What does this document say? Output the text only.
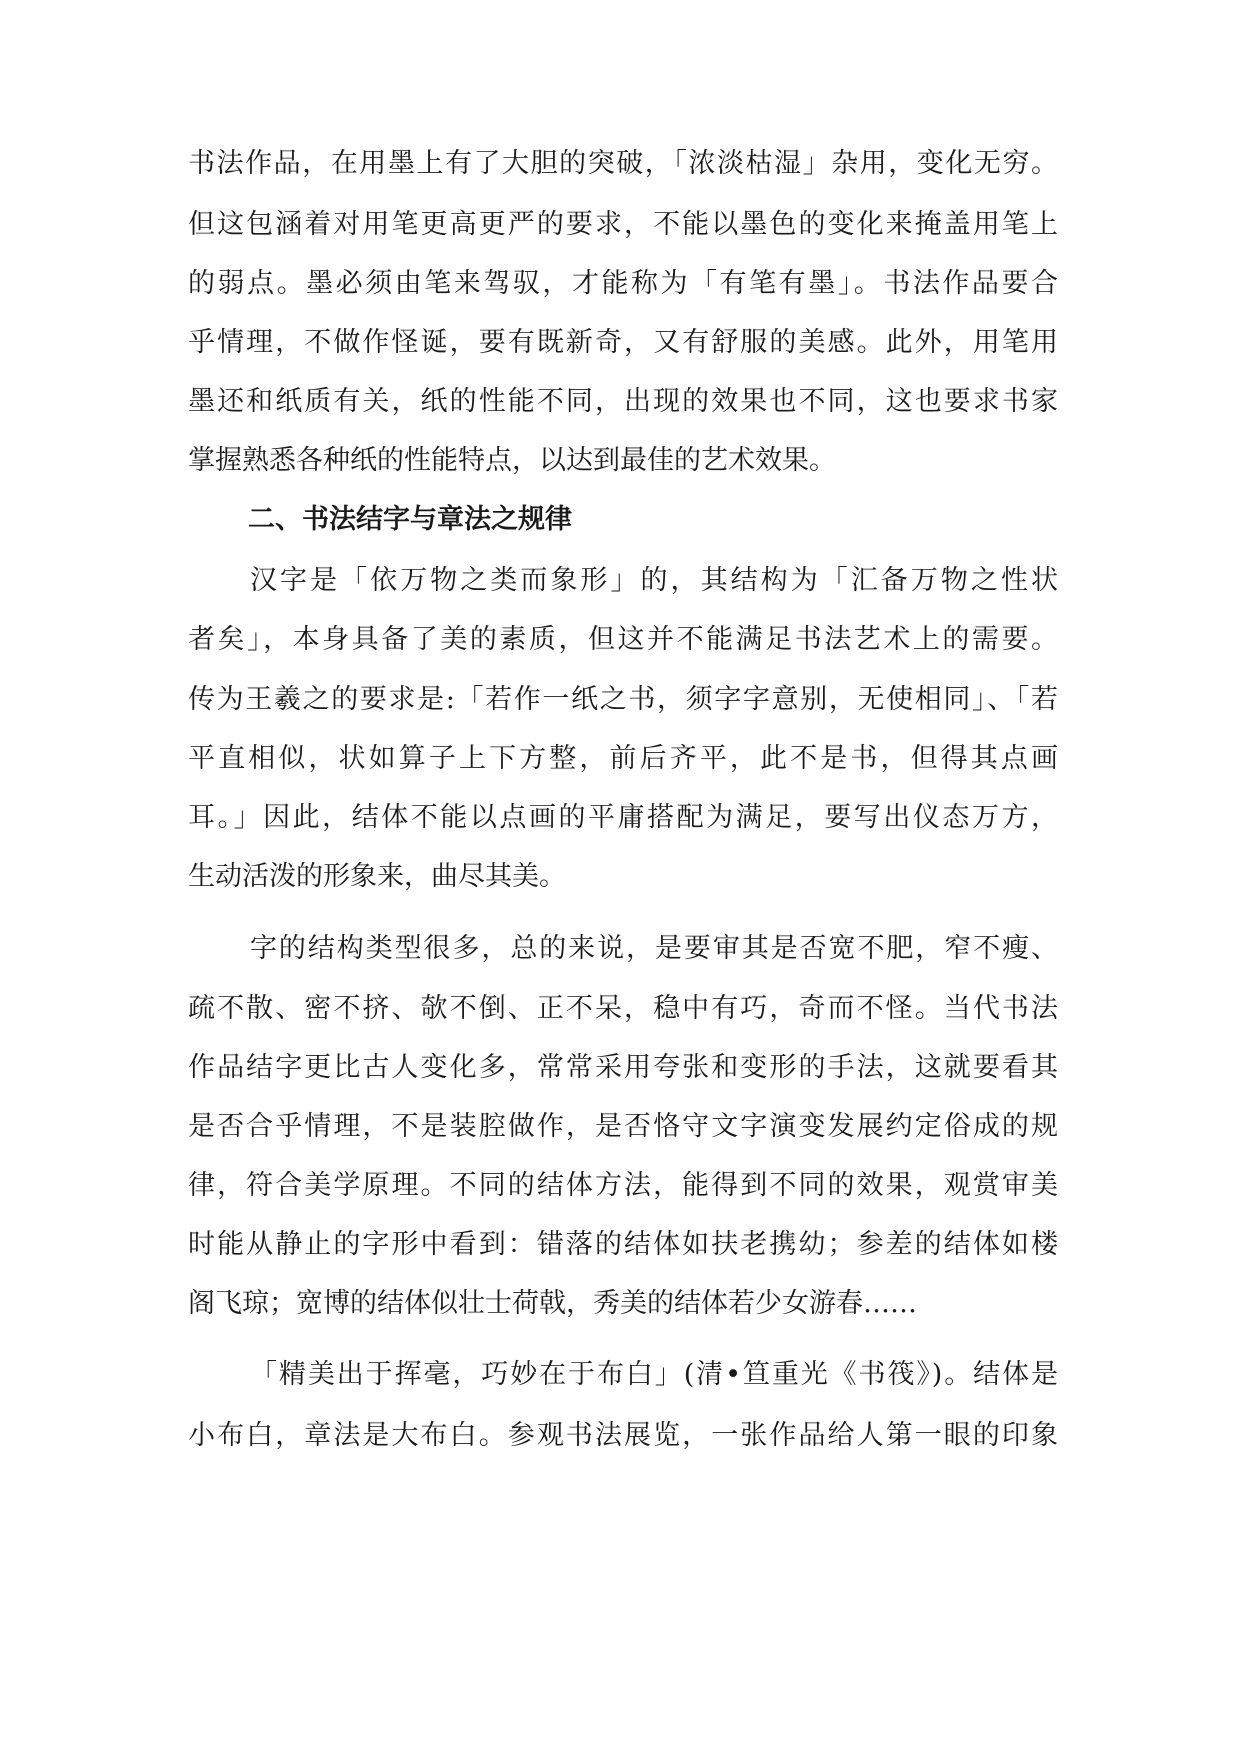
书法作品，在用墨上有了大胆的突破，「浓淡枯湿」杂用，变化无穷。
但这包涵着对用笔更高更严的要求，不能以墨色的变化来掩盖用笔上
的弱点。墨必须由笔来驾驭，才能称为「有笔有墨」。书法作品要合
乎情理，不做作怪诞，要有既新奇，又有舒服的美感。此外，用笔用
墨还和纸质有关，纸的性能不同，出现的效果也不同，这也要求书家
掌握熟悉各种纸的性能特点，以达到最佳的艺术效果。
二、书法结字与章法之规律
汉字是「依万物之类而象形」的，其结构为「汇备万物之性状
者矣」，本身具备了美的素质，但这并不能满足书法艺术上的需要。
传为王羲之的要求是:「若作一纸之书，须字字意别，无使相同」、「若
平直相似，状如算子上下方整，前后齐平，此不是书，但得其点画
耳。」因此，结体不能以点画的平庸搭配为满足，要写出仪态万方，
生动活泼的形象来，曲尽其美。
字的结构类型很多，总的来说，是要审其是否宽不肥，窄不瘦、
疏不散、密不挤、欹不倒、正不呆，稳中有巧，奇而不怪。当代书法
作品结字更比古人变化多，常常采用夸张和变形的手法，这就要看其
是否合乎情理，不是装腔做作，是否恪守文字演变发展约定俗成的规
律，符合美学原理。不同的结体方法，能得到不同的效果，观赏审美
时能从静止的字形中看到：错落的结体如扶老携幼；参差的结体如楼
阁飞琼；宽博的结体似壮士荷戟，秀美的结体若少女游春……
「精美出于挥毫，巧妙在于布白」(清•笪重光《书筏》)。结体是
小布白，章法是大布白。参观书法展览，一张作品给人第一眼的印象
